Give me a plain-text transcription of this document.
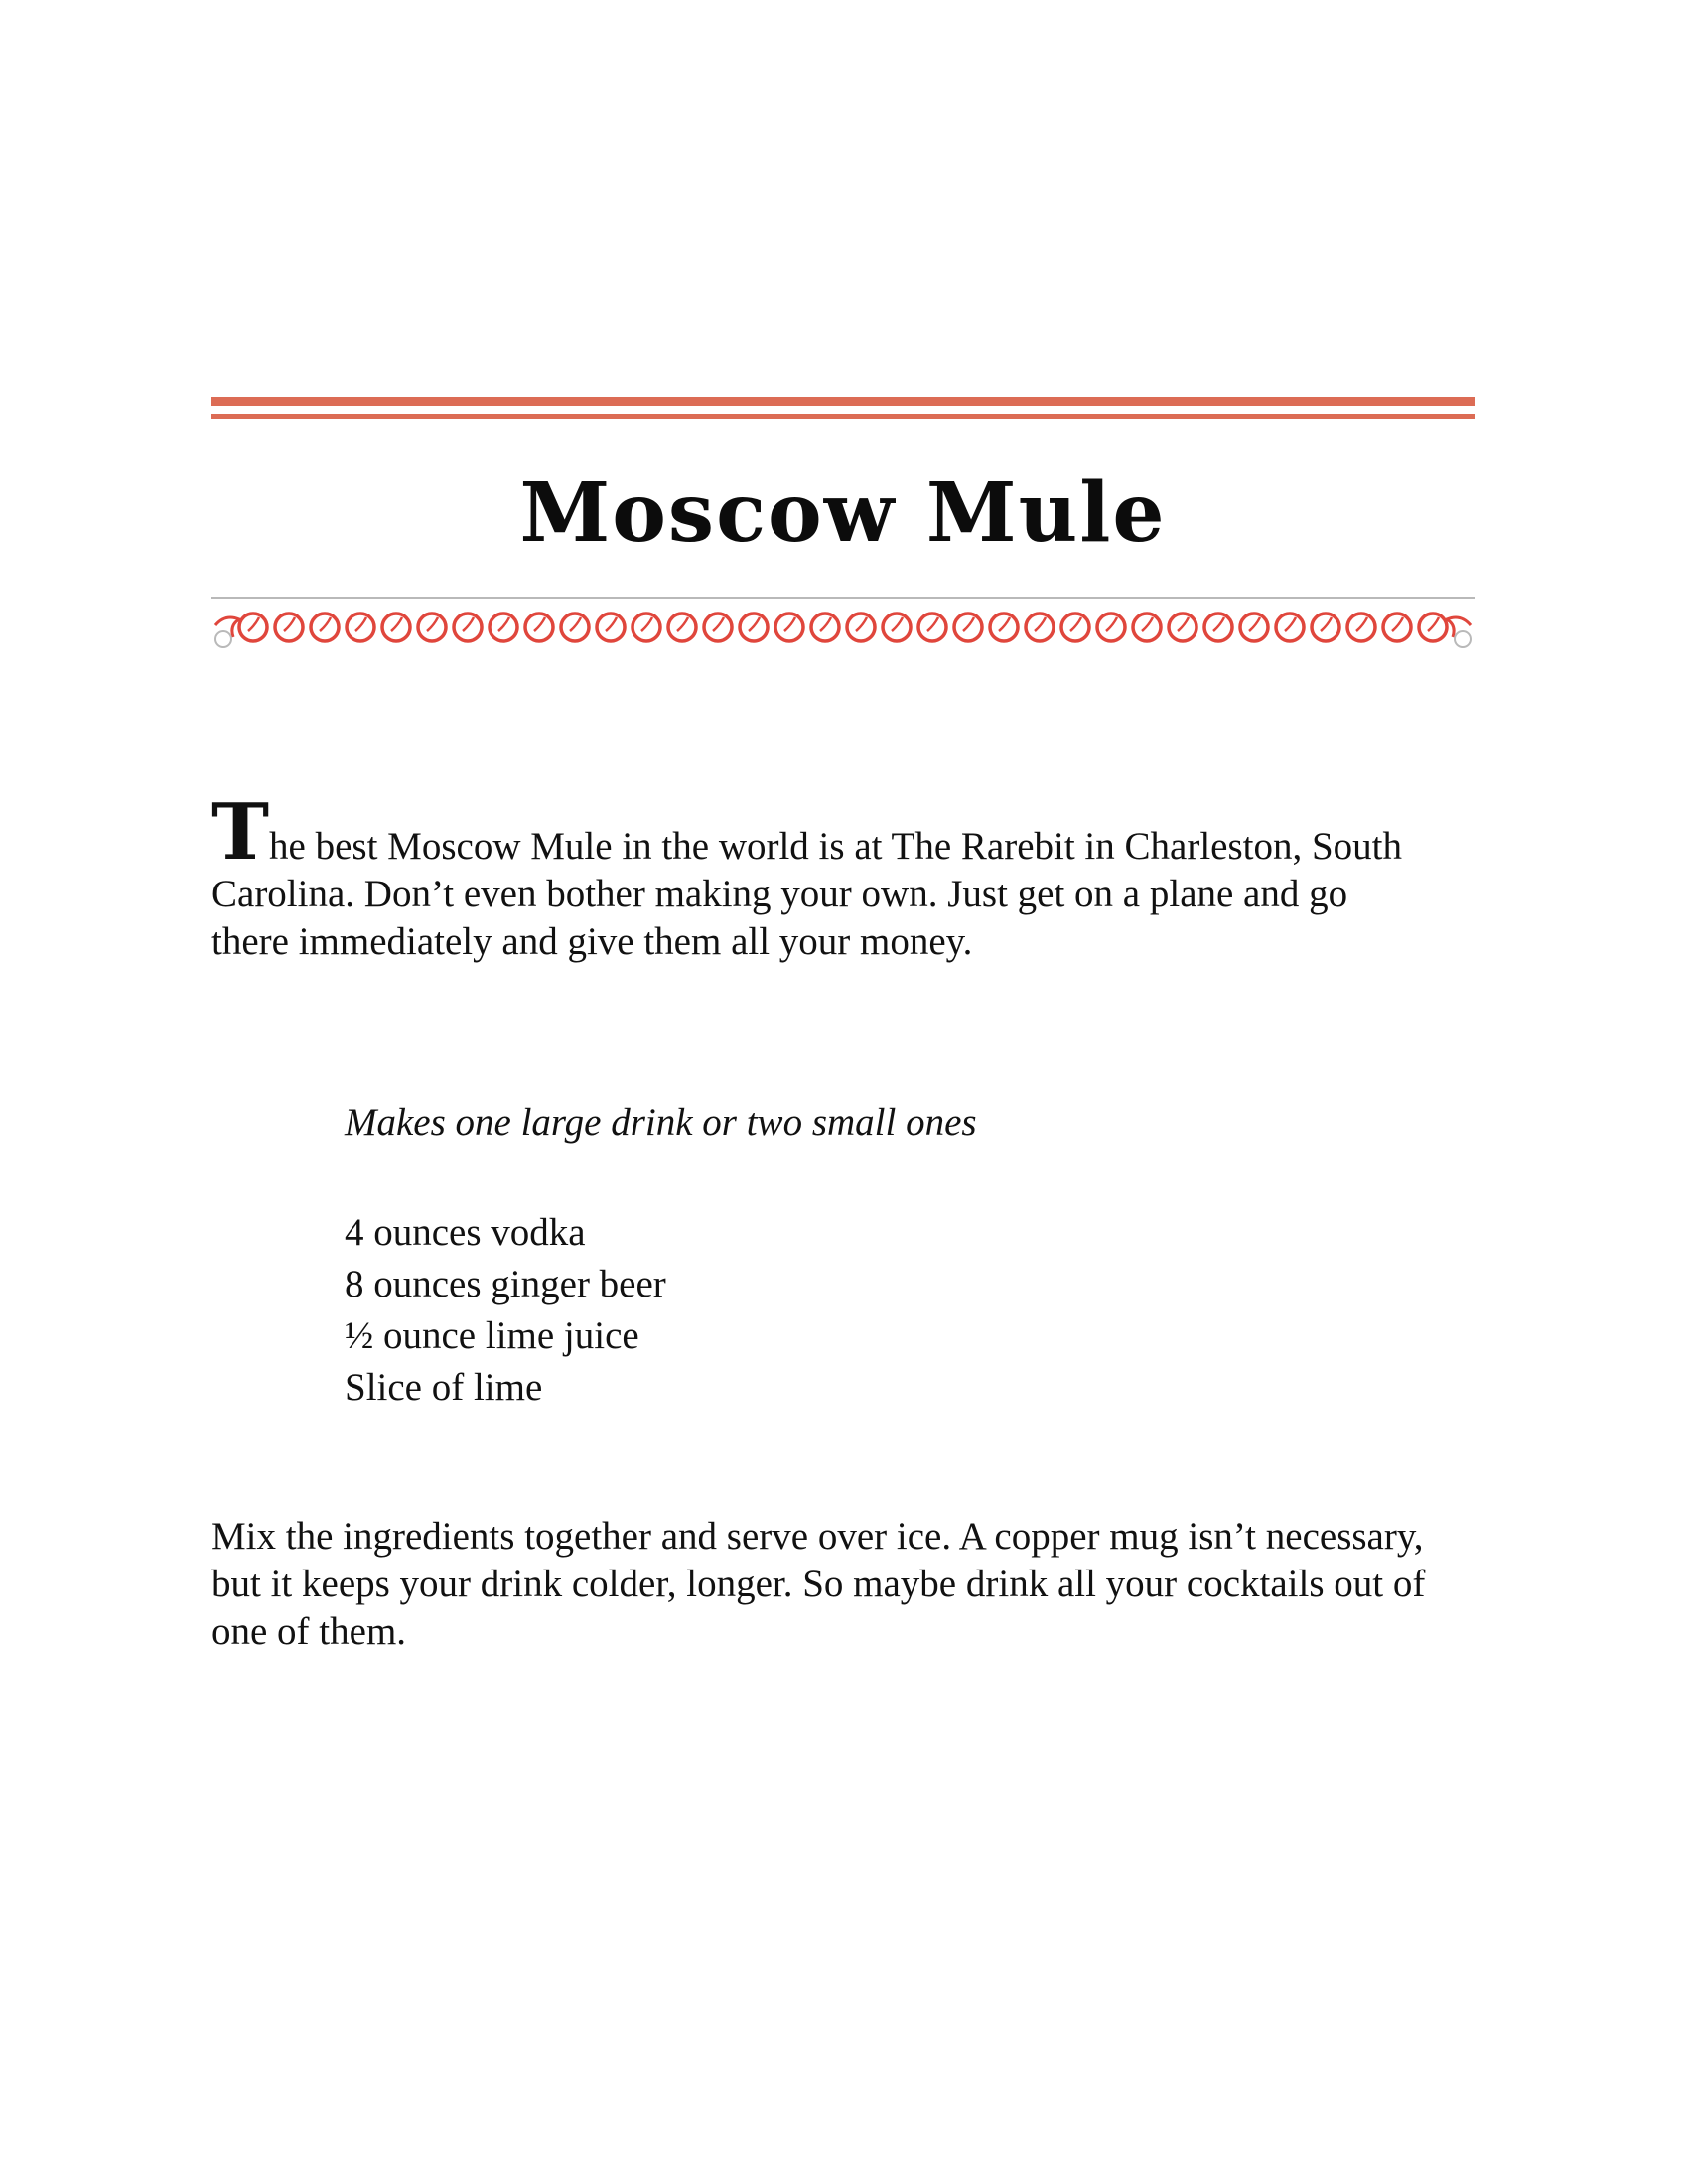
Moscow Mule

The best Moscow Mule in the world is at The Rarebit in Charleston, South Carolina. Don’t even bother making your own. Just get on a plane and go there immediately and give them all your money.

Makes one large drink or two small ones

4 ounces vodka
8 ounces ginger beer
½ ounce lime juice
Slice of lime

Mix the ingredients together and serve over ice. A copper mug isn’t necessary, but it keeps your drink colder, longer. So maybe drink all your cocktails out of one of them.
